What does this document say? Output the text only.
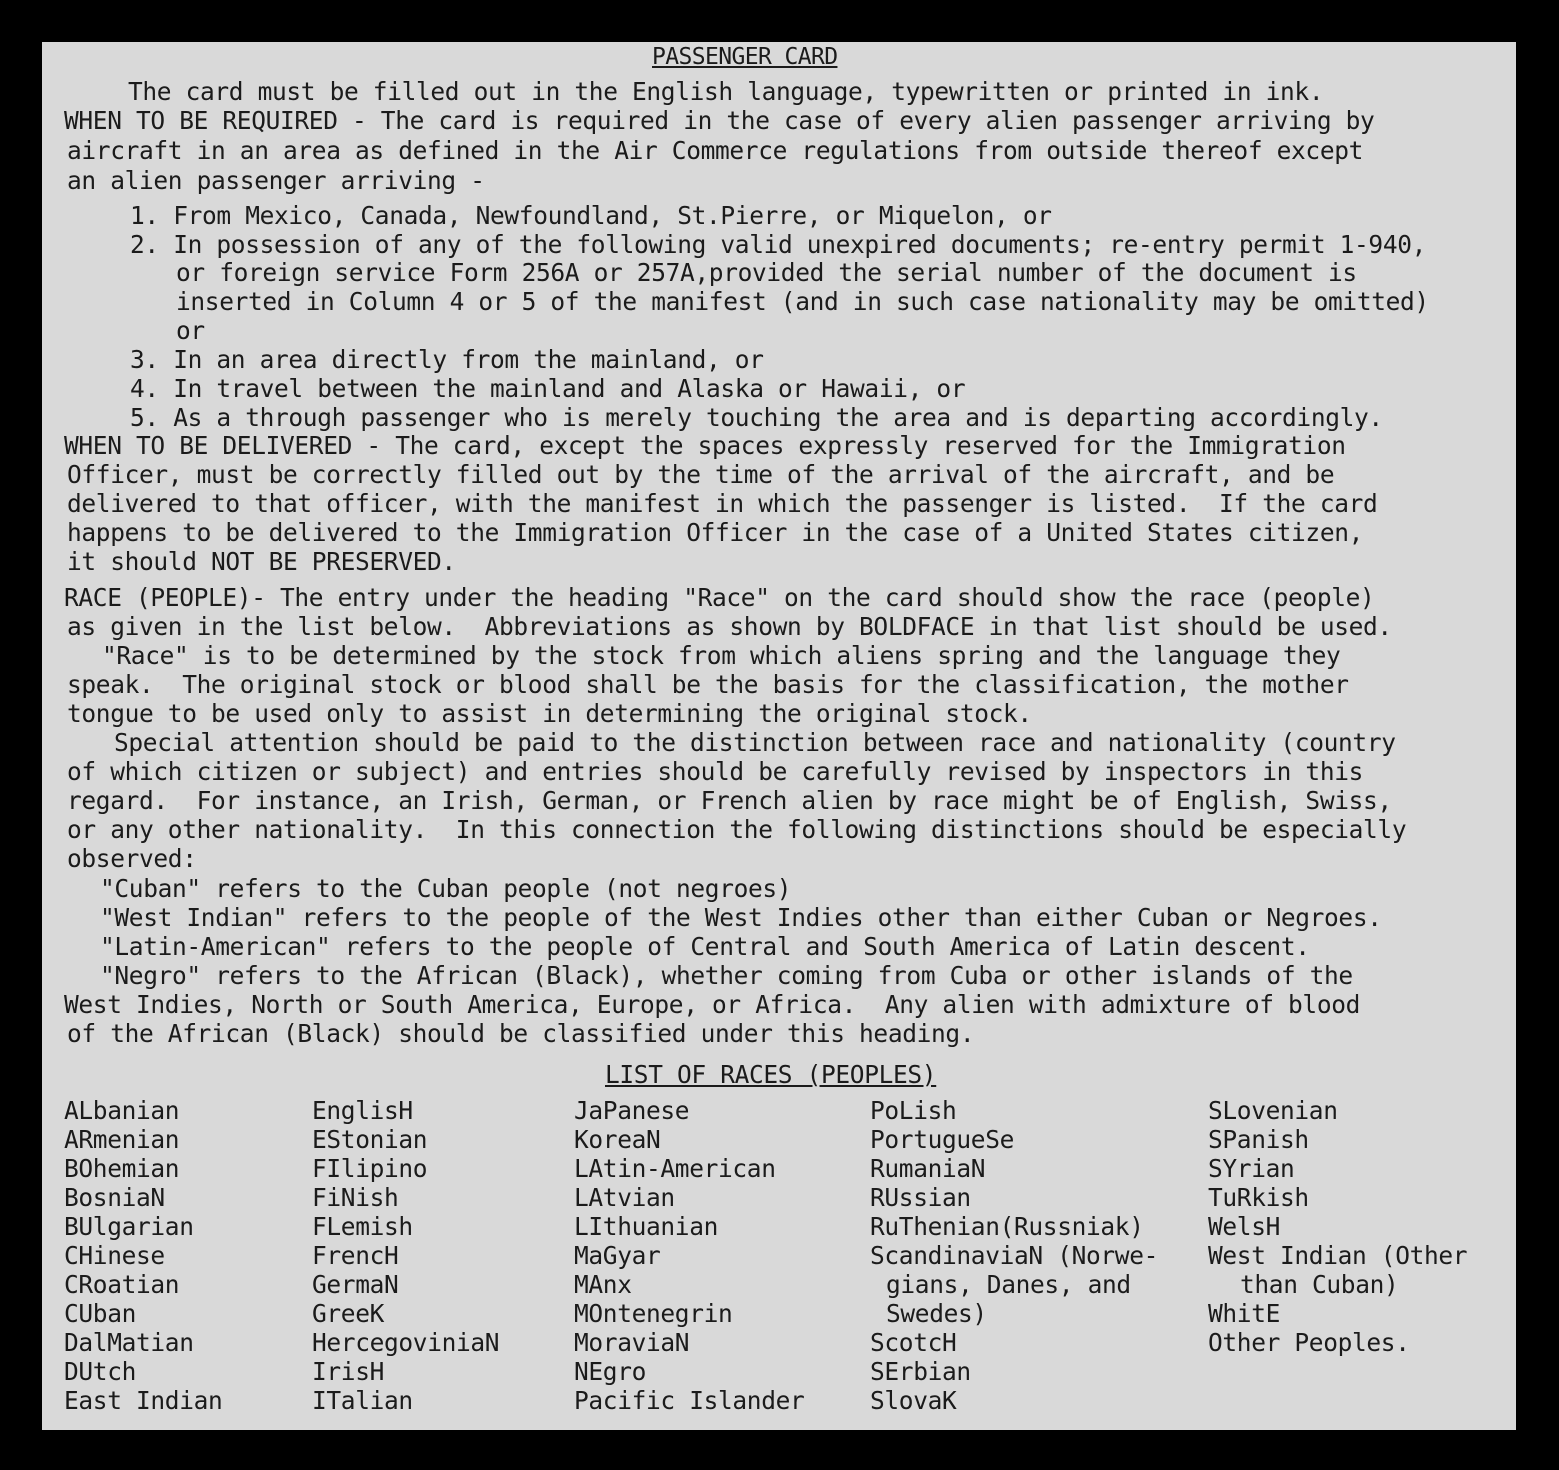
PASSENGER CARD
The card must be filled out in the English language, typewritten or printed in ink.
WHEN TO BE REQUIRED - The card is required in the case of every alien passenger arriving by
aircraft in an area as defined in the Air Commerce regulations from outside thereof except
an alien passenger arriving -
1. From Mexico, Canada, Newfoundland, St.Pierre, or Miquelon, or
2. In possession of any of the following valid unexpired documents; re-entry permit 1-940,
or foreign service Form 256A or 257A,provided the serial number of the document is
inserted in Column 4 or 5 of the manifest (and in such case nationality may be omitted)
or
3. In an area directly from the mainland, or
4. In travel between the mainland and Alaska or Hawaii, or
5. As a through passenger who is merely touching the area and is departing accordingly.
WHEN TO BE DELIVERED - The card, except the spaces expressly reserved for the Immigration
Officer, must be correctly filled out by the time of the arrival of the aircraft, and be
delivered to that officer, with the manifest in which the passenger is listed.  If the card
happens to be delivered to the Immigration Officer in the case of a United States citizen,
it should NOT BE PRESERVED.
RACE (PEOPLE)- The entry under the heading "Race" on the card should show the race (people)
as given in the list below.  Abbreviations as shown by BOLDFACE in that list should be used.
"Race" is to be determined by the stock from which aliens spring and the language they
speak.  The original stock or blood shall be the basis for the classification, the mother
tongue to be used only to assist in determining the original stock.
Special attention should be paid to the distinction between race and nationality (country
of which citizen or subject) and entries should be carefully revised by inspectors in this
regard.  For instance, an Irish, German, or French alien by race might be of English, Swiss,
or any other nationality.  In this connection the following distinctions should be especially
observed:
"Cuban" refers to the Cuban people (not negroes)
"West Indian" refers to the people of the West Indies other than either Cuban or Negroes.
"Latin-American" refers to the people of Central and South America of Latin descent.
"Negro" refers to the African (Black), whether coming from Cuba or other islands of the
West Indies, North or South America, Europe, or Africa.  Any alien with admixture of blood
of the African (Black) should be classified under this heading.
LIST OF RACES (PEOPLES)
ALbanian
ARmenian
BOhemian
BosniaN
BUlgarian
CHinese
CRoatian
CUban
DalMatian
DUtch
East Indian
EnglisH
EStonian
FIlipino
FiNish
FLemish
FrencH
GermaN
GreeK
HercegoviniaN
IrisH
ITalian
JaPanese
KoreaN
LAtin-American
LAtvian
LIthuanian
MaGyar
MAnx
MOntenegrin
MoraviaN
NEgro
Pacific Islander
PoLish
PortugueSe
RumaniaN
RUssian
RuThenian(Russniak)
ScandinaviaN (Norwe-
gians, Danes, and
Swedes)
ScotcH
SErbian
SlovaK
SLovenian
SPanish
SYrian
TuRkish
WelsH
West Indian (Other
than Cuban)
WhitE
Other Peoples.
